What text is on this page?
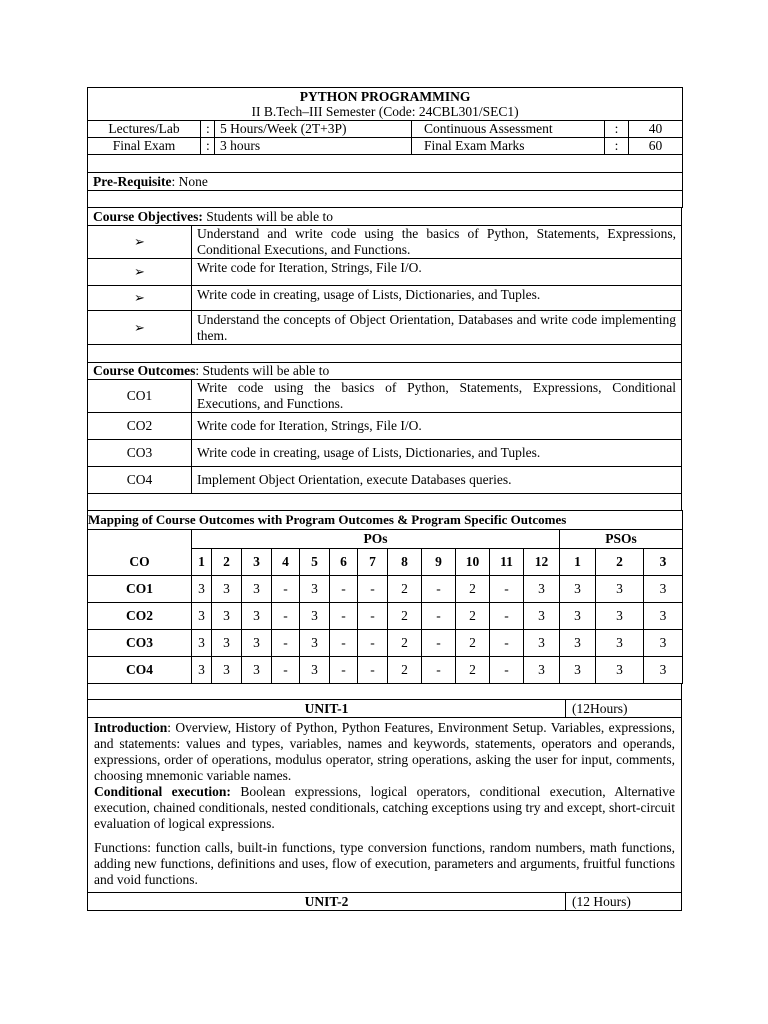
PYTHON PROGRAMMING
II B.Tech–III Semester (Code: 24CBL301/SEC1)					

Lectures/Lab	:	5 Hours/Week (2T+3P)	Continuous Assessment	:	40
Final Exam	:	3 hours	Final Exam Marks	:	60

Pre-Requisite: None					

Course Objectives: Students will be able to	
➢	Understand and write code using the basics of Python, Statements, Expressions, Conditional Executions, and Functions.
➢	Write code for Iteration, Strings, File I/O.
➢	Write code in creating, usage of Lists, Dictionaries, and Tuples.
➢	Understand the concepts of Object Orientation, Databases and write code implementing them.

Course Outcomes: Students will be able to	
CO1	Write code using the basics of Python, Statements, Expressions, Conditional Executions, and Functions.
CO2	Write code for Iteration, Strings, File I/O.
CO3	Write code in creating, usage of Lists, Dictionaries, and Tuples.
CO4	Implement Object Orientation, execute Databases queries.

Mapping of Course Outcomes with Program Outcomes & Program Specific Outcomes															
	POs												PSOs		
CO	1	2	3	4	5	6	7	8	9	10	11	12	1	2	3
CO1	3	3	3	-	3	-	-	2	-	2	-	3	3	3	3
CO2	3	3	3	-	3	-	-	2	-	2	-	3	3	3	3
CO3	3	3	3	-	3	-	-	2	-	2	-	3	3	3	3
CO4	3	3	3	-	3	-	-	2	-	2	-	3	3	3	3

UNIT-1	(12Hours)

Introduction: Overview, History of Python, Python Features, Environment Setup. Variables, expressions, and statements: values and types, variables, names and keywords, statements, operators and operands, expressions, order of operations, modulus operator, string operations, asking the user for input, comments, choosing mnemonic variable names.

Conditional execution: Boolean expressions, logical operators, conditional execution, Alternative execution, chained conditionals, nested conditionals, catching exceptions using try and except, short-circuit evaluation of logical expressions.

Functions: function calls, built-in functions, type conversion functions, random numbers, math functions, adding new functions, definitions and uses, flow of execution, parameters and arguments, fruitful functions and void functions.	

UNIT-2	(12 Hours)
